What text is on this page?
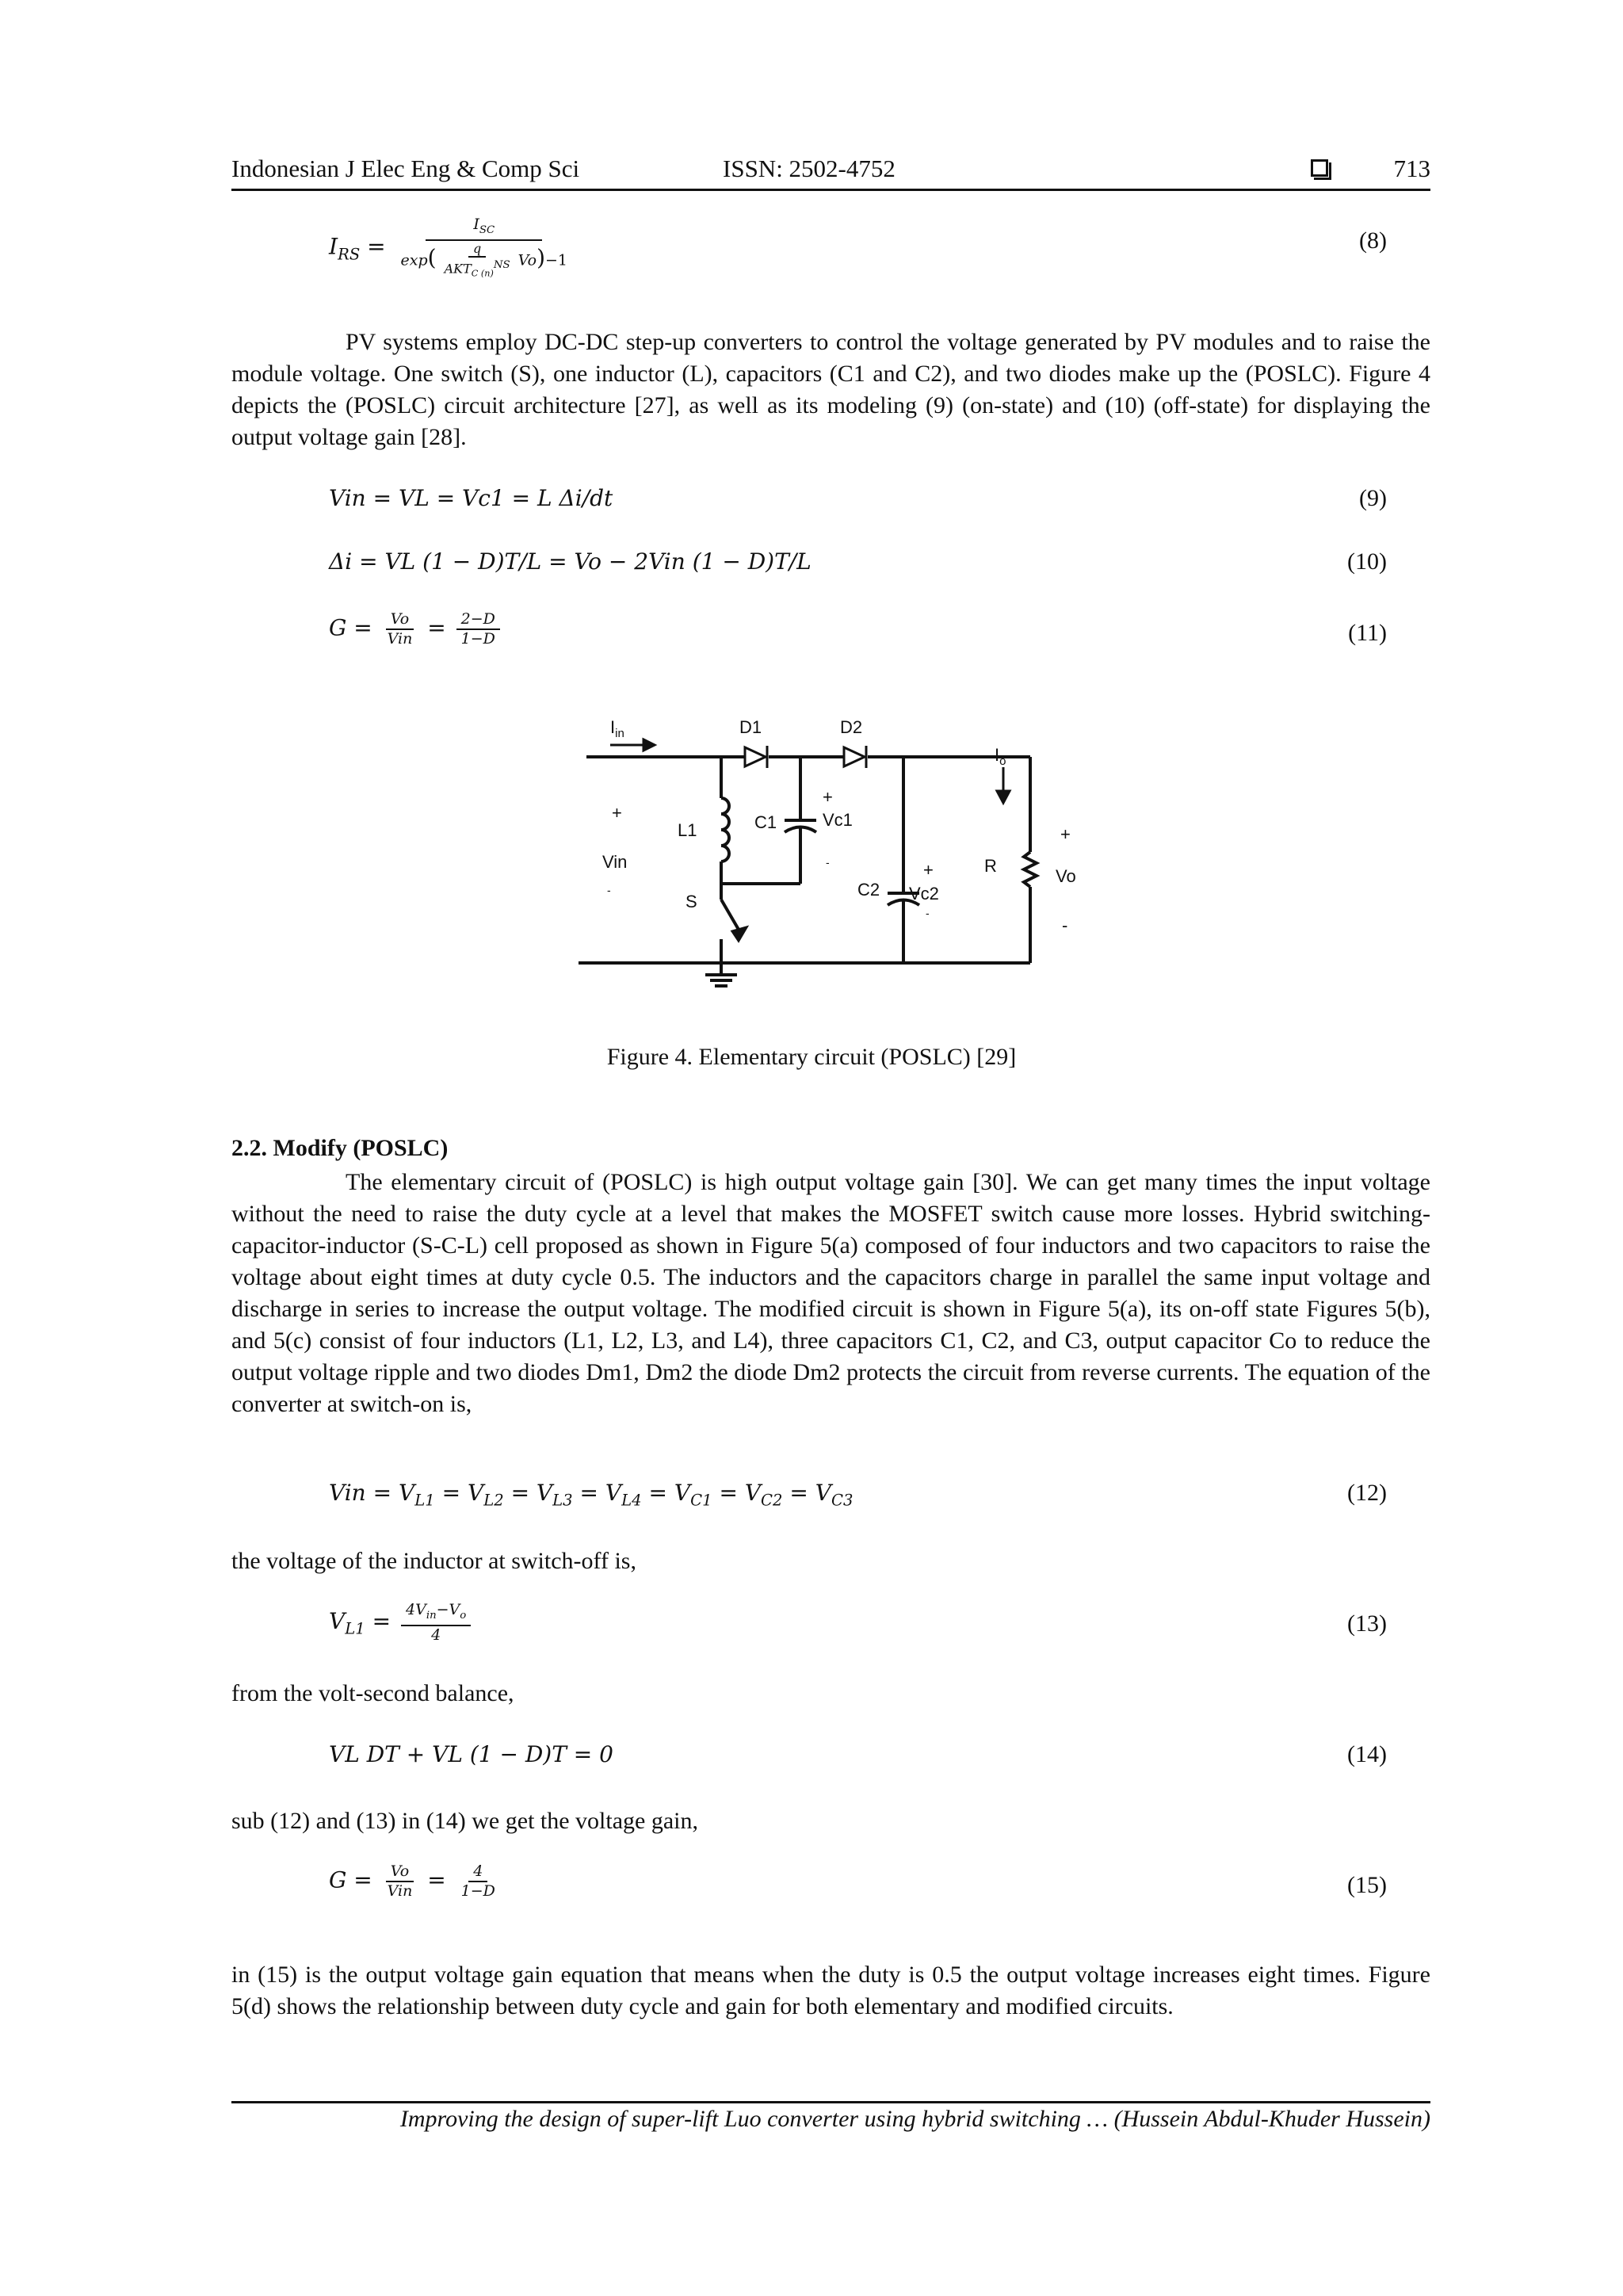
Indonesian J Elec Eng & Comp Sci	ISSN: 2502-4752	713
$I_{RS} = \frac{I_{SC}}{\exp( \frac{q}{AKT_{C (n)}^{NS}} Vo)-1}$	(8)

PV systems employ DC-DC step-up converters to control the voltage generated by PV modules and to raise the module voltage. One switch (S), one inductor (L), capacitors (C1 and C2), and two diodes make up the (POSLC). Figure 4 depicts the (POSLC) circuit architecture [27], as well as its modeling (9) (on-state) and (10) (off-state) for displaying the output voltage gain [28].

Vin = VL = Vc1 = L Δi/dt	(9)
Δi = VL (1 − D)T/L = Vo − 2Vin (1 − D)T/L	(10)
$G = \frac{Vo}{\text{Vin}} = \frac{2-D}{1-D}$	(11)
$I_{in}$	D1	D2
$I_o$
L1	C1	Vc1
+
Vin
-
S
C2 Vc2
+
-
R
+
Vo
-
+
-
Figure 4. Elementary circuit (POSLC) [29]
2.2. Modify (POSLC)

The elementary circuit of (POSLC) is high output voltage gain [30]. We can get many times the input voltage without the need to raise the duty cycle at a level that makes the MOSFET switch cause more losses. Hybrid switching-capacitor-inductor (S-C-L) cell proposed as shown in Figure 5(a) composed of four inductors and two capacitors to raise the voltage about eight times at duty cycle 0.5. The inductors and the capacitors charge in parallel the same input voltage and discharge in series to increase the output voltage. The modified circuit is shown in Figure 5(a), its on-off state Figures 5(b), and 5(c) consist of four inductors (L1, L2, L3, and L4), three capacitors C1, C2, and C3, output capacitor Co to reduce the output voltage ripple and two diodes Dm1, Dm2 the diode Dm2 protects the circuit from reverse currents. The equation of the converter at switch-on is,

Vin = $V_{L1} = V_{L2} = V_{L3} = V_{L4} = V_{C1} = V_{C2} = V_{C3}$	(12)

the voltage of the inductor at switch-off is,

$V_{L1} = \frac{4V_{in}-V_o}{4}$	(13)

from the volt-second balance,

VL DT + VL (1 − D)T = 0	(14)

sub (12) and (13) in (14) we get the voltage gain,

$G = \frac{Vo}{\text{Vin}} = \frac{4}{1-D}$	(15)

in (15) is the output voltage gain equation that means when the duty is 0.5 the output voltage increases eight times. Figure 5(d) shows the relationship between duty cycle and gain for both elementary and modified circuits.

Improving the design of super-lift Luo converter using hybrid switching … (Hussein Abdul-Khuder Hussein)
